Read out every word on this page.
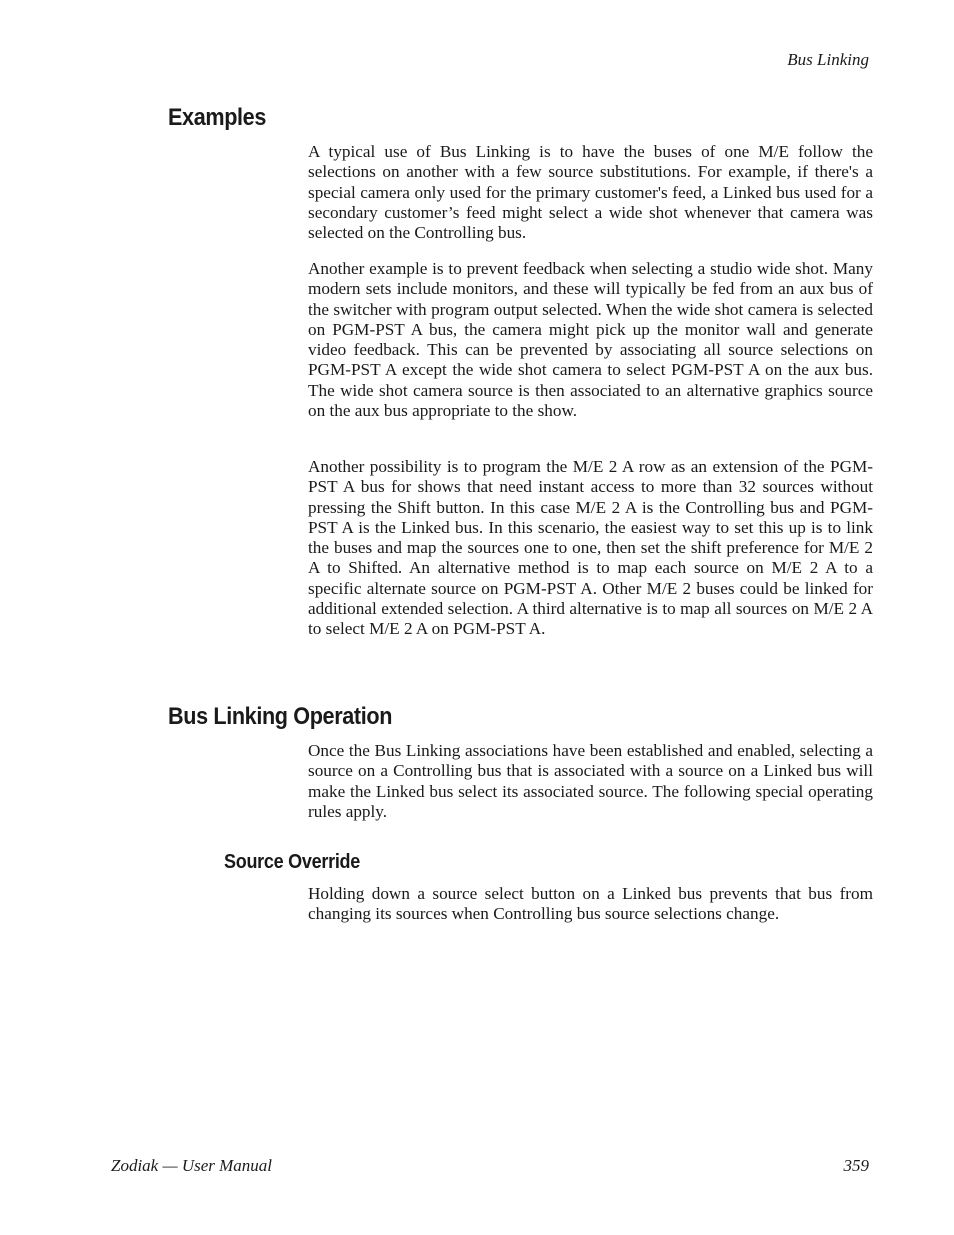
Bus Linking
Examples

A typical use of Bus Linking is to have the buses of one M/E follow the selections on another with a few source substitutions. For example, if there's a special camera only used for the primary customer's feed, a Linked bus used for a secondary customer’s feed might select a wide shot whenever that camera was selected on the Controlling bus.

Another example is to prevent feedback when selecting a studio wide shot. Many modern sets include monitors, and these will typically be fed from an aux bus of the switcher with program output selected. When the wide shot camera is selected on PGM-PST A bus, the camera might pick up the monitor wall and generate video feedback. This can be prevented by associating all source selections on PGM-PST A except the wide shot camera to select PGM-PST A on the aux bus. The wide shot camera source is then associated to an alternative graphics source on the aux bus appropriate to the show.

Another possibility is to program the M/E 2 A row as an extension of the PGM-PST A bus for shows that need instant access to more than 32 sources without pressing the Shift button. In this case M/E 2 A is the Controlling bus and PGM-PST A is the Linked bus. In this scenario, the easiest way to set this up is to link the buses and map the sources one to one, then set the shift preference for M/E 2 A to Shifted. An alternative method is to map each source on M/E 2 A to a specific alternate source on PGM-PST A. Other M/E 2 buses could be linked for additional extended selection. A third alternative is to map all sources on M/E 2 A to select M/E 2 A on PGM-PST A.

Bus Linking Operation

Once the Bus Linking associations have been established and enabled, selecting a source on a Controlling bus that is associated with a source on a Linked bus will make the Linked bus select its associated source. The following special operating rules apply.

Source Override

Holding down a source select button on a Linked bus prevents that bus from changing its sources when Controlling bus source selections change.

Zodiak — User Manual	359
